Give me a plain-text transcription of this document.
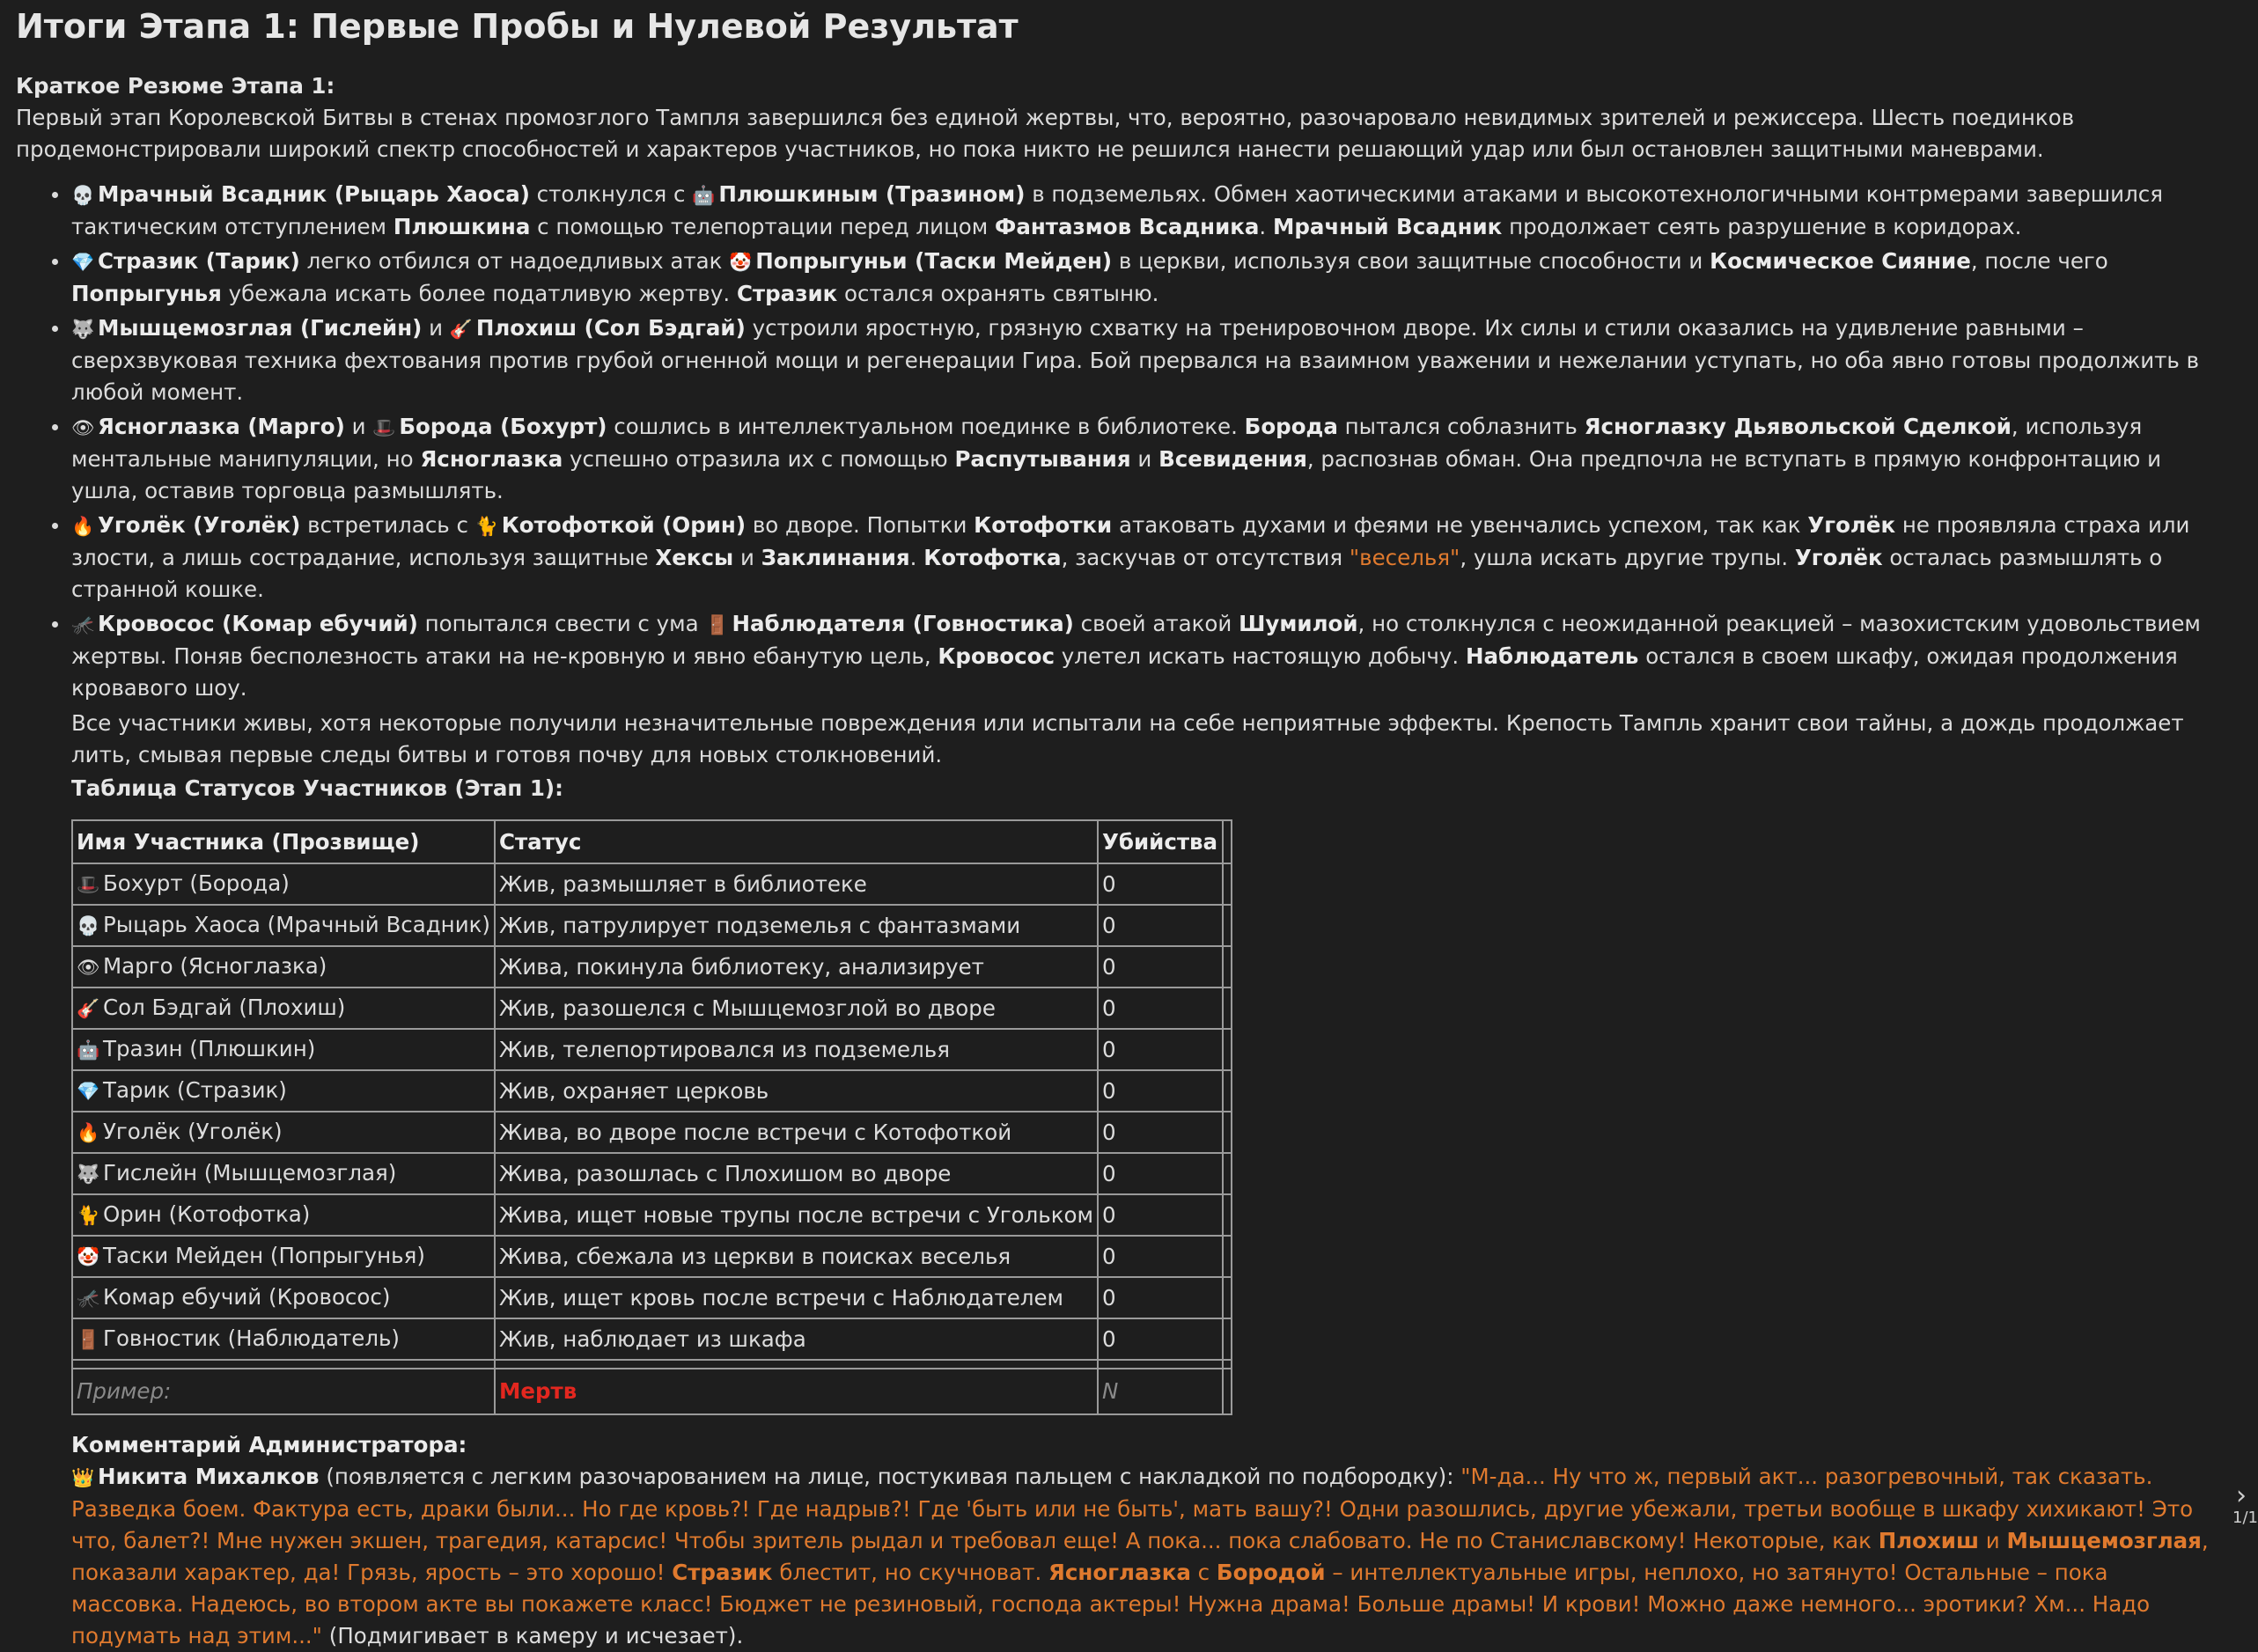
Итоги Этапа 1: Первые Пробы и Нулевой Результат
Краткое Резюме Этапа 1:

Первый этап Королевской Битвы в стенах промозглого Тампля завершился без единой жертвы, что, вероятно, разочаровало невидимых зрителей и режиссера. Шесть поединков продемонстрировали широкий спектр способностей и характеров участников, но пока никто не решился нанести решающий удар или был остановлен защитными маневрами.

💀 Мрачный Всадник (Рыцарь Хаоса) столкнулся с 🤖 Плюшкиным (Тразином) в подземельях. Обмен хаотическими атаками и высокотехнологичными контрмерами завершился тактическим отступлением Плюшкина с помощью телепортации перед лицом Фантазмов Всадника. Мрачный Всадник продолжает сеять разрушение в коридорах.
💎 Стразик (Тарик) легко отбился от надоедливых атак 🤡 Попрыгуньи (Таски Мейден) в церкви, используя свои защитные способности и Космическое Сияние, после чего Попрыгунья убежала искать более податливую жертву. Стразик остался охранять святыню.
🐺 Мышцемозглая (Гислейн) и 🎸 Плохиш (Сол Бэдгай) устроили яростную, грязную схватку на тренировочном дворе. Их силы и стили оказались на удивление равными – сверхзвуковая техника фехтования против грубой огненной мощи и регенерации Гира. Бой прервался на взаимном уважении и нежелании уступать, но оба явно готовы продолжить в любой момент.
👁 Ясноглазка (Марго) и 🎩 Борода (Бохурт) сошлись в интеллектуальном поединке в библиотеке. Борода пытался соблазнить Ясноглазку Дьявольской Сделкой, используя ментальные манипуляции, но Ясноглазка успешно отразила их с помощью Распутывания и Всевидения, распознав обман. Она предпочла не вступать в прямую конфронтацию и ушла, оставив торговца размышлять.
🔥 Уголёк (Уголёк) встретилась с 🐈 Котофоткой (Орин) во дворе. Попытки Котофотки атаковать духами и феями не увенчались успехом, так как Уголёк не проявляла страха или злости, а лишь сострадание, используя защитные Хексы и Заклинания. Котофотка, заскучав от отсутствия "веселья", ушла искать другие трупы. Уголёк осталась размышлять о странной кошке.
🦟 Кровосос (Комар ебучий) попытался свести с ума 🚪 Наблюдателя (Говностика) своей атакой Шумилой, но столкнулся с неожиданной реакцией – мазохистским удовольствием жертвы. Поняв бесполезность атаки на не-кровную и явно ебанутую цель, Кровосос улетел искать настоящую добычу. Наблюдатель остался в своем шкафу, ожидая продолжения кровавого шоу.

Все участники живы, хотя некоторые получили незначительные повреждения или испытали на себе неприятные эффекты. Крепость Тампль хранит свои тайны, а дождь продолжает лить, смывая первые следы битвы и готовя почву для новых столкновений.

Таблица Статусов Участников (Этап 1):
Имя Участника (Прозвище)	Статус	Убийства	
🎩 Бохурт (Борода)	Жив, размышляет в библиотеке	0	
💀 Рыцарь Хаоса (Мрачный Всадник)	Жив, патрулирует подземелья с фантазмами	0	
👁 Марго (Ясноглазка)	Жива, покинула библиотеку, анализирует	0	
🎸 Сол Бэдгай (Плохиш)	Жив, разошелся с Мышцемозглой во дворе	0	
🤖 Тразин (Плюшкин)	Жив, телепортировался из подземелья	0	
💎 Тарик (Стразик)	Жив, охраняет церковь	0	
🔥 Уголёк (Уголёк)	Жива, во дворе после встречи с Котофоткой	0	
🐺 Гислейн (Мышцемозглая)	Жива, разошлась с Плохишом во дворе	0	
🐈 Орин (Котофотка)	Жива, ищет новые трупы после встречи с Угольком	0	
🤡 Таски Мейден (Попрыгунья)	Жива, сбежала из церкви в поисках веселья	0	
🦟 Комар ебучий (Кровосос)	Жив, ищет кровь после встречи с Наблюдателем	0	
🚪 Говностик (Наблюдатель)	Жив, наблюдает из шкафа	0	

Пример:	Мертв	N	
Комментарий Администратора:
👑 Никита Михалков (появляется с легким разочарованием на лице, постукивая пальцем с накладкой по подбородку): "М-да... Ну что ж, первый акт... разогревочный, так сказать. Разведка боем. Фактура есть, драки были... Но где кровь?! Где надрыв?! Где 'быть или не быть', мать вашу?! Одни разошлись, другие убежали, третьи вообще в шкафу хихикают! Это что, балет?! Мне нужен экшен, трагедия, катарсис! Чтобы зритель рыдал и требовал еще! А пока... пока слабовато. Не по Станиславскому! Некоторые, как Плохиш и Мышцемозглая, показали характер, да! Грязь, ярость – это хорошо! Стразик блестит, но скучноват. Ясноглазка с Бородой – интеллектуальные игры, неплохо, но затянуто! Остальные – пока массовка. Надеюсь, во втором акте вы покажете класс! Бюджет не резиновый, господа актеры! Нужна драма! Больше драмы! И крови! Можно даже немного... эротики? Хм... Надо подумать над этим..." (Подмигивает в камеру и исчезает).
›
1/1
